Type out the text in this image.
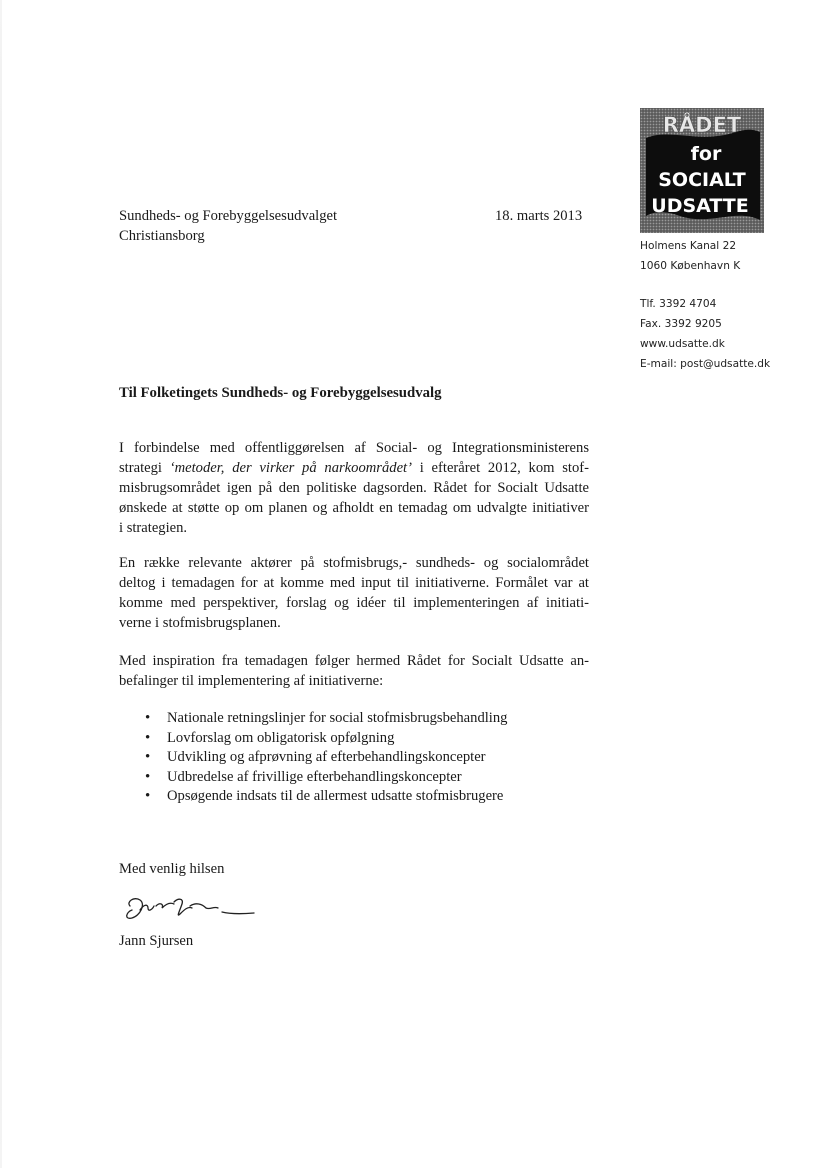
RÅDET
for
SOCIALT
UDSATTE
Sundheds- og Forebyggelsesudvalget
Christiansborg
18. marts 2013
Holmens Kanal 22
1060 København K
Tlf. 3392 4704
Fax. 3392 9205
www.udsatte.dk
E-mail: post@udsatte.dk
Til Folketingets Sundheds- og Forebyggelsesudvalg
I forbindelse med offentliggørelsen af Social- og Integrationsministerens
strategi ‘metoder, der virker på narkoområdet’ i efteråret 2012, kom stof-
misbrugsområdet igen på den politiske dagsorden. Rådet for Socialt Udsatte
ønskede at støtte op om planen og afholdt en temadag om udvalgte initiativer
i strategien.
En række relevante aktører på stofmisbrugs,- sundheds- og socialområdet
deltog i temadagen for at komme med input til initiativerne. Formålet var at
komme med perspektiver, forslag og idéer til implementeringen af initiati-
verne i stofmisbrugsplanen.
Med inspiration fra temadagen følger hermed Rådet for Socialt Udsatte an-
befalinger til implementering af initiativerne:
• Nationale retningslinjer for social stofmisbrugsbehandling
• Lovforslag om obligatorisk opfølgning
• Udvikling og afprøvning af efterbehandlingskoncepter
• Udbredelse af frivillige efterbehandlingskoncepter
• Opsøgende indsats til de allermest udsatte stofmisbrugere
Med venlig hilsen
Jann Sjursen
